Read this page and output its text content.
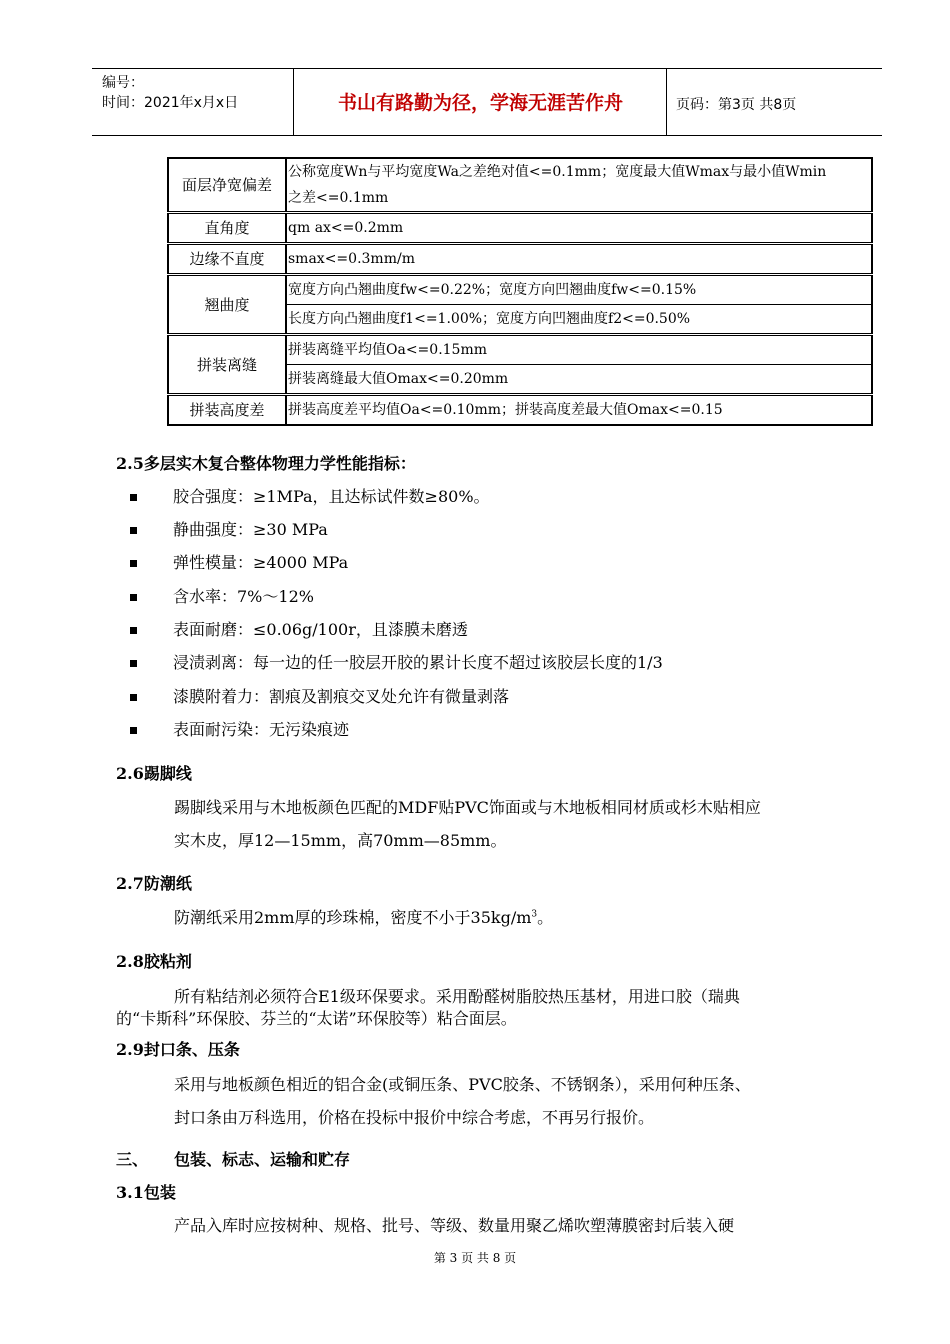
编号：
时间：2021年x月x日	书山有路勤为径，学海无涯苦作舟	页码：第3页 共8页
面层净宽偏差	公称宽度Wn与平均宽度Wa之差绝对值<=0.1mm；宽度最大值Wmax与最小值Wmin
之差<=0.1mm

直角度	qm ax<=0.2mm
边缘不直度	smax<=0.3mm/m
翘曲度	宽度方向凸翘曲度fw<=0.22%；宽度方向凹翘曲度fw<=0.15%
	长度方向凸翘曲度f1<=1.00%；宽度方向凹翘曲度f2<=0.50%
拼装离缝	拼装离缝平均值Oa<=0.15mm
	拼装离缝最大值Omax<=0.20mm
拼装高度差	拼装高度差平均值Oa<=0.10mm；拼装高度差最大值Omax<=0.15
2.5多层实木复合整体物理力学性能指标：
胶合强度：≥1MPa，且达标试件数≥80%。
静曲强度：≥30 MPa
弹性模量：≥4000 MPa
含水率：7%～12%
表面耐磨：≤0.06g/100r，且漆膜未磨透
浸渍剥离：每一边的任一胶层开胶的累计长度不超过该胶层长度的1/3
漆膜附着力：割痕及割痕交叉处允许有微量剥落
表面耐污染：无污染痕迹
2.6踢脚线
踢脚线采用与木地板颜色匹配的MDF贴PVC饰面或与木地板相同材质或杉木贴相应
实木皮，厚12—15mm，高70mm—85mm。
2.7防潮纸
防潮纸采用2mm厚的珍珠棉，密度不小于$35kg/m^3$。
2.8胶粘剂
所有粘结剂必须符合E1级环保要求。采用酚醛树脂胶热压基材，用进口胶（瑞典
的“卡斯科”环保胶、芬兰的“太诺”环保胶等）粘合面层。
2.9封口条、压条
采用与地板颜色相近的铝合金(或铜压条、PVC胶条、不锈钢条），采用何种压条、
封口条由万科选用，价格在投标中报价中综合考虑，不再另行报价。
三、 包装、标志、运输和贮存
3.1包装
产品入库时应按树种、规格、批号、等级、数量用聚乙烯吹塑薄膜密封后装入硬
第 3 页 共 8 页
